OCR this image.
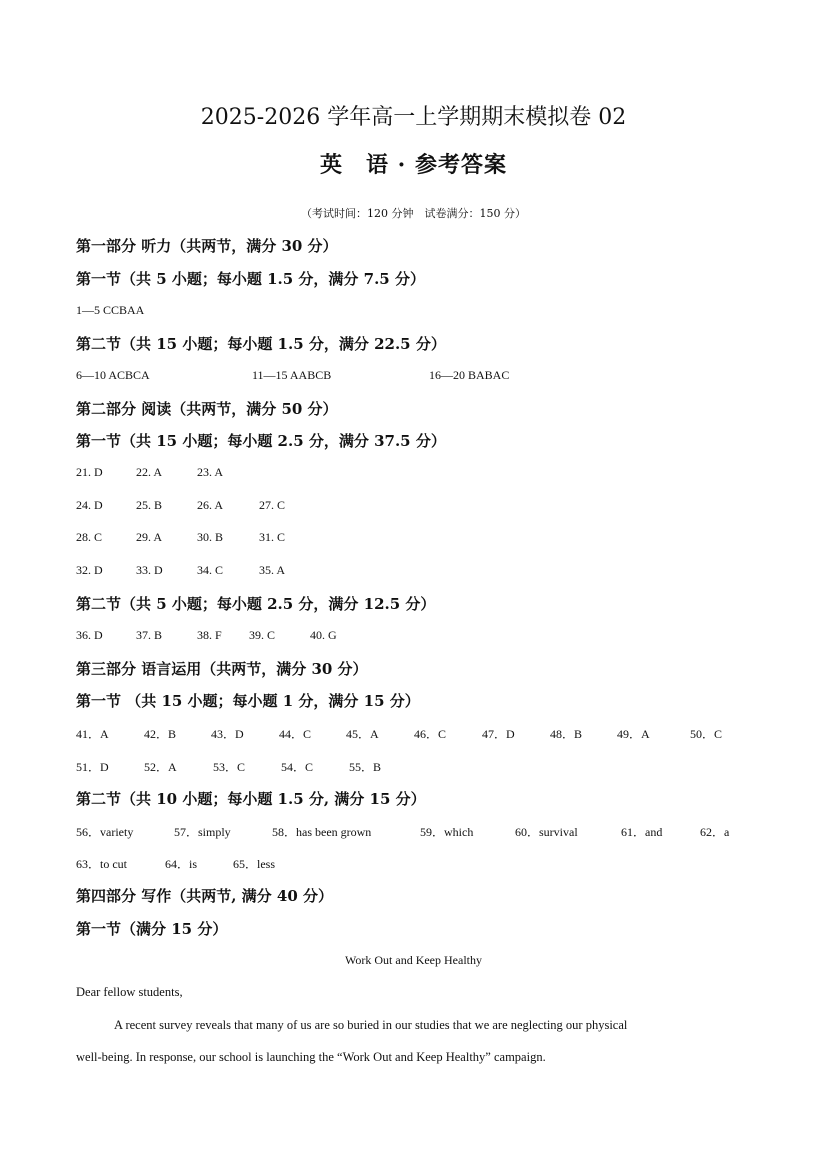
2025-2026 学年高一上学期期末模拟卷 02
英　语 · 参考答案
（考试时间：120 分钟　试卷满分：150 分）
第一部分 听力（共两节，满分 30 分）
第一节（共 5 小题；每小题 1.5 分，满分 7.5 分）
1—5 CCBAA
第二节（共 15 小题；每小题 1.5 分，满分 22.5 分）
6—10 ACBCA	11—15 AABCB	16—20 BABAC
第二部分 阅读（共两节，满分 50 分）
第一节（共 15 小题；每小题 2.5 分，满分 37.5 分）
21. D	22. A	23. A
24. D	25. B	26. A	27. C
28. C	29. A	30. B	31. C
32. D	33. D	34. C	35. A
第二节（共 5 小题；每小题 2.5 分，满分 12.5 分）
36. D	37. B	38. F 39. C	40. G
第三部分 语言运用（共两节，满分 30 分）
第一节 （共 15 小题；每小题 1 分，满分 15 分）
41．A	42．B	43．D	44．C	45．A	46．C	47．D	48．B	49．A	50．C
51．D	52．A	53．C	54．C	55．B
第二节（共 10 小题；每小题 1.5 分, 满分 15 分）
56．variety	57．simply	58．has been grown	59．which	60．survival	61．and	62．a
63．to cut	64．is	65．less
第四部分 写作（共两节, 满分 40 分）
第一节（满分 15 分）
Work Out and Keep Healthy
Dear fellow students,
A recent survey reveals that many of us are so buried in our studies that we are neglecting our physical
well-being. In response, our school is launching the “Work Out and Keep Healthy” campaign.
